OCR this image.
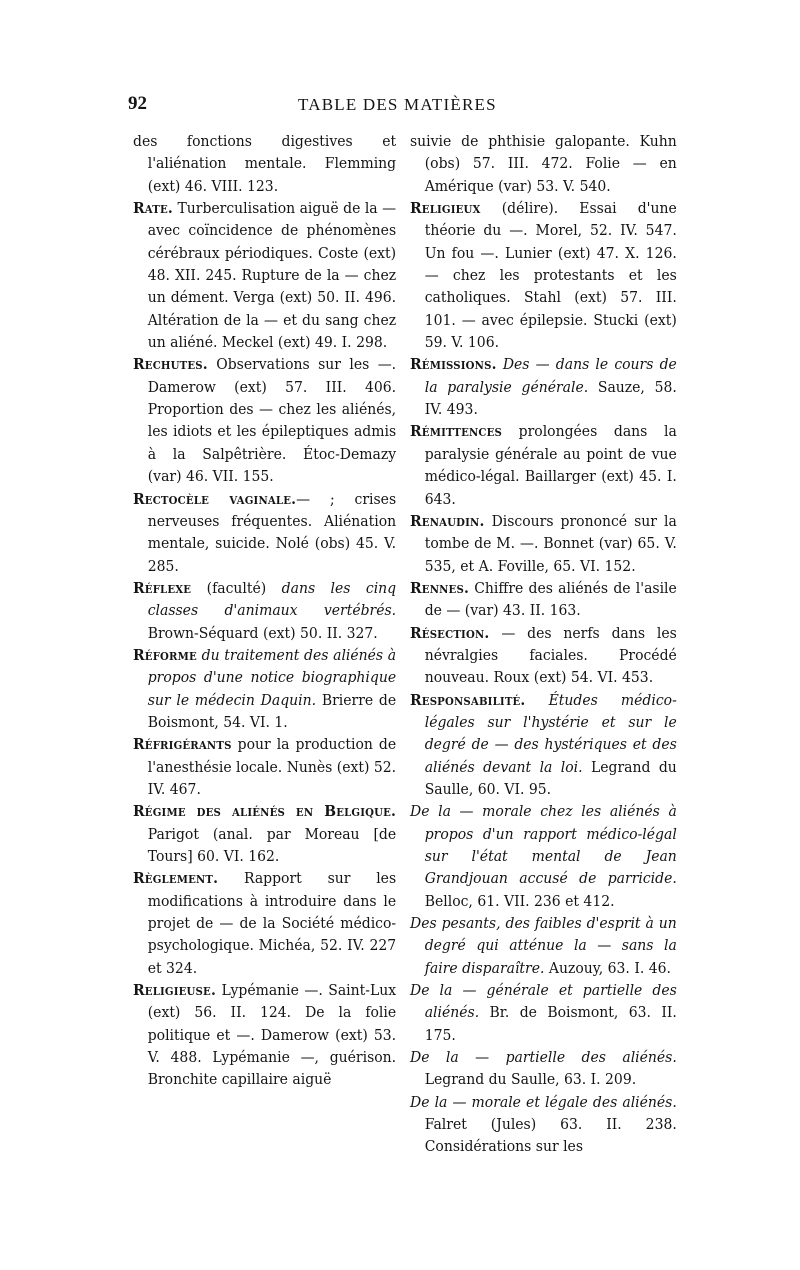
92	TABLE DES MATIÈRES

des fonctions digestives et l'aliénation mentale. Flemming (ext) 46. VIII. 123.

Rate. Turberculisation aiguë de la — avec coïncidence de phénomènes cérébraux périodiques. Coste (ext) 48. XII. 245. Rupture de la — chez un dément. Verga (ext) 50. II. 496. Altération de la — et du sang chez un aliéné. Meckel (ext) 49. I. 298.

Rechutes. Observations sur les —. Damerow (ext) 57. III. 406. Proportion des — chez les aliénés, les idiots et les épileptiques admis à la Salpêtrière. Étoc-Demazy (var) 46. VII. 155.

Rectocèle vaginale.— ; crises nerveuses fréquentes. Aliénation mentale, suicide. Nolé (obs) 45. V. 285.

Réflexe (faculté) dans les cinq classes d'animaux vertébrés. Brown-Séquard (ext) 50. II. 327.

Réforme du traitement des aliénés à propos d'une notice biographique sur le médecin Daquin. Brierre de Boismont, 54. VI. 1.

Réfrigérants pour la production de l'anesthésie locale. Nunès (ext) 52. IV. 467.

Régime des aliénés en Belgique. Parigot (anal. par Moreau [de Tours] 60. VI. 162.

Règlement. Rapport sur les modifications à introduire dans le projet de — de la Société médico-psychologique. Michéa, 52. IV. 227 et 324.

Religieuse. Lypémanie —. Saint-Lux (ext) 56. II. 124. De la folie politique et —. Damerow (ext) 53. V. 488. Lypémanie —, guérison. Bronchite capillaire aiguë

suivie de phthisie galopante. Kuhn (obs) 57. III. 472. Folie — en Amérique (var) 53. V. 540.

Religieux (délire). Essai d'une théorie du —. Morel, 52. IV. 547. Un fou —. Lunier (ext) 47. X. 126. — chez les protestants et les catholiques. Stahl (ext) 57. III. 101. — avec épilepsie. Stucki (ext) 59. V. 106.

Rémissions. Des — dans le cours de la paralysie générale. Sauze, 58. IV. 493.

Rémittences prolongées dans la paralysie générale au point de vue médico-légal. Baillarger (ext) 45. I. 643.

Renaudin. Discours prononcé sur la tombe de M. —. Bonnet (var) 65. V. 535, et A. Foville, 65. VI. 152.

Rennes. Chiffre des aliénés de l'asile de — (var) 43. II. 163.

Résection. — des nerfs dans les névralgies faciales. Procédé nouveau. Roux (ext) 54. VI. 453.

Responsabilité. Études médico-légales sur l'hystérie et sur le degré de — des hystériques et des aliénés devant la loi. Legrand du Saulle, 60. VI. 95.

De la — morale chez les aliénés à propos d'un rapport médico-légal sur l'état mental de Jean Grandjouan accusé de parricide. Belloc, 61. VII. 236 et 412.

Des pesants, des faibles d'esprit à un degré qui atténue la — sans la faire disparaître. Auzouy, 63. I. 46.

De la — générale et partielle des aliénés. Br. de Boismont, 63. II. 175.

De la — partielle des aliénés. Legrand du Saulle, 63. I. 209.

De la — morale et légale des aliénés. Falret (Jules) 63. II. 238. Considérations sur les
